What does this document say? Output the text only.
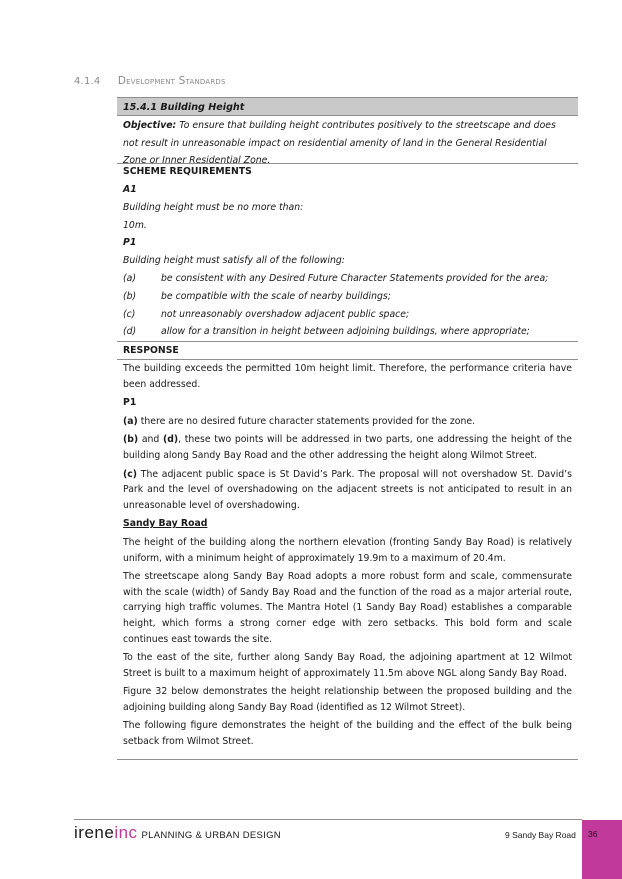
4.1.4 Development Standards
15.4.1 Building Height
Objective: To ensure that building height contributes positively to the streetscape and does not result in unreasonable impact on residential amenity of land in the General Residential Zone or Inner Residential Zone.
SCHEME REQUIREMENTS

A1

Building height must be no more than:

10m.

P1

Building height must satisfy all of the following:

(a)	be consistent with any Desired Future Character Statements provided for the area;
(b)	be compatible with the scale of nearby buildings;
(c)	not unreasonably overshadow adjacent public space;
(d)	allow for a transition in height between adjoining buildings, where appropriate;
RESPONSE

The building exceeds the permitted 10m height limit. Therefore, the performance criteria have been addressed.

P1

(a) there are no desired future character statements provided for the zone.

(b) and (d), these two points will be addressed in two parts, one addressing the height of the building along Sandy Bay Road and the other addressing the height along Wilmot Street.

(c) The adjacent public space is St David’s Park. The proposal will not overshadow St. David’s Park and the level of overshadowing on the adjacent streets is not anticipated to result in an unreasonable level of overshadowing.

Sandy Bay Road

The height of the building along the northern elevation (fronting Sandy Bay Road) is relatively uniform, with a minimum height of approximately 19.9m to a maximum of 20.4m.

The streetscape along Sandy Bay Road adopts a more robust form and scale, commensurate with the scale (width) of Sandy Bay Road and the function of the road as a major arterial route, carrying high traffic volumes. The Mantra Hotel (1 Sandy Bay Road) establishes a comparable height, which forms a strong corner edge with zero setbacks. This bold form and scale continues east towards the site.

To the east of the site, further along Sandy Bay Road, the adjoining apartment at 12 Wilmot Street is built to a maximum height of approximately 11.5m above NGL along Sandy Bay Road.

Figure 32 below demonstrates the height relationship between the proposed building and the adjoining building along Sandy Bay Road (identified as 12 Wilmot Street).

The following figure demonstrates the height of the building and the effect of the bulk being setback from Wilmot Street.

ireneinc PLANNING & URBAN DESIGN	9 Sandy Bay Road 36
